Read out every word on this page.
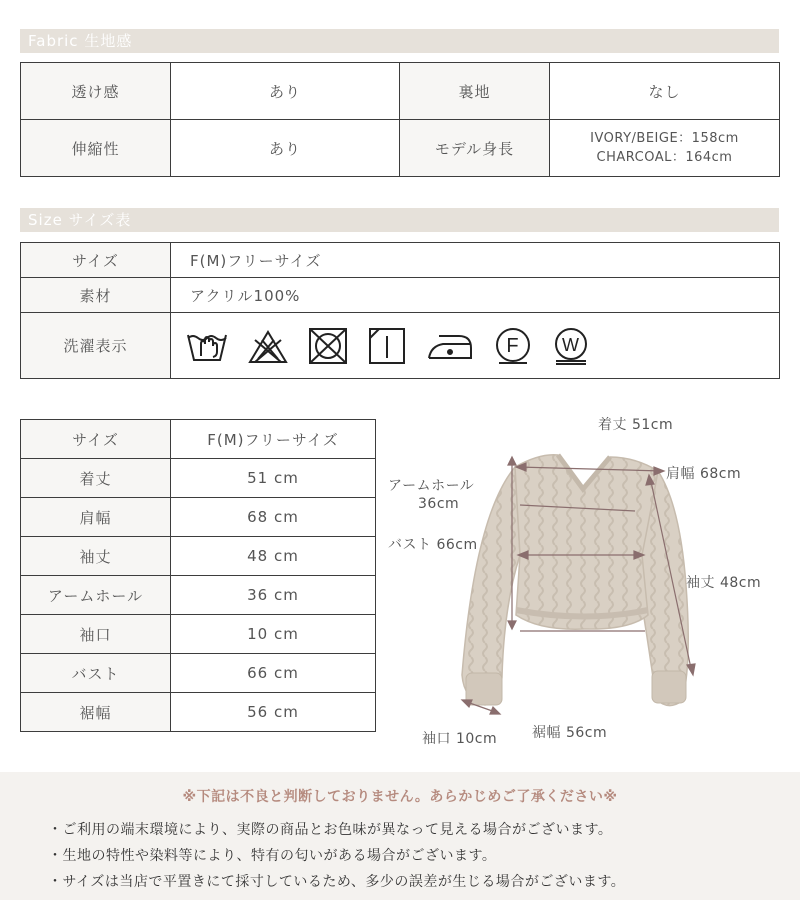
Fabric 生地感
透け感	あり	裏地	なし
伸縮性	あり	モデル身長	IVORY/BEIGE：158cm
CHARCOAL：164cm
Size サイズ表
サイズ	F(M)フリーサイズ
素材	アクリル100%
洗濯表示	F W
サイズ	F(M)フリーサイズ
着丈	51 cm
肩幅	68 cm
袖丈	48 cm
アームホール	36 cm
袖口	10 cm
バスト	66 cm
裾幅	56 cm
着丈 51cm
肩幅 68cm
アームホール
36cm
バスト 66cm
袖丈 48cm
袖口 10cm 裾幅 56cm
※下記は不良と判断しておりません。あらかじめご了承ください※
・ご利用の端末環境により、実際の商品とお色味が異なって見える場合がございます。
・生地の特性や染料等により、特有の匂いがある場合がございます。
・サイズは当店で平置きにて採寸しているため、多少の誤差が生じる場合がございます。
